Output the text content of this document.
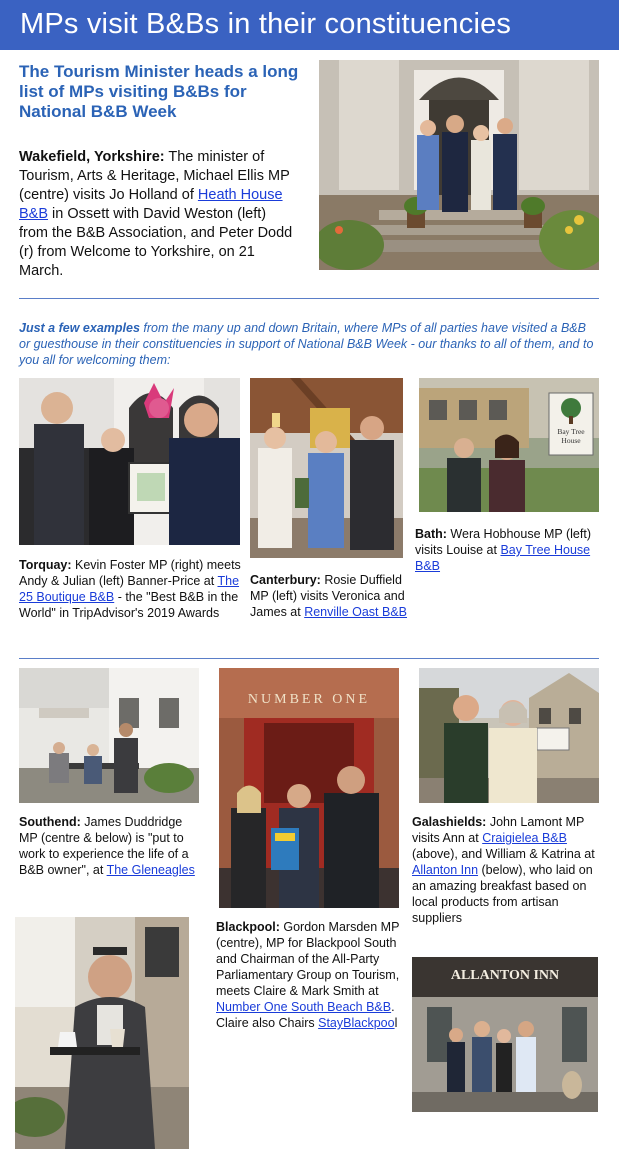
MPs visit B&Bs in their constituencies
The Tourism Minister heads a long list of MPs visiting B&Bs for National B&B Week
Wakefield, Yorkshire: The minister of Tourism, Arts & Heritage, Michael Ellis MP (centre) visits Jo Holland of Heath House B&B in Ossett with David Weston (left) from the B&B Association, and Peter Dodd (r) from Welcome to Yorkshire, on 21 March.
Just a few examples from the many up and down Britain, where MPs of all parties have visited a B&B or guesthouse in their constituencies in support of National B&B Week - our thanks to all of them, and to you all for welcoming them:
Bay Tree
House
Torquay: Kevin Foster MP (right) meets Andy & Julian (left) Banner-Price at The 25 Boutique B&B - the "Best B&B in the World" in TripAdvisor's 2019 Awards
Canterbury: Rosie Duffield MP (left) visits Veronica and James at Renville Oast B&B
Bath: Wera Hobhouse MP (left) visits Louise at Bay Tree House B&B
Southend: James Duddridge MP (centre & below) is "put to work to experience the life of a B&B owner", at The Gleneagles
NUMBER ONE
Blackpool: Gordon Marsden MP (centre), MP for Blackpool South and Chairman of the All-Party Parliamentary Group on Tourism, meets Claire & Mark Smith at Number One South Beach B&B. Claire also Chairs StayBlackpool
Galashields: John Lamont MP visits Ann at Craigielea B&B (above), and William & Katrina at Allanton Inn (below), who laid on an amazing breakfast based on local products from artisan suppliers
ALLANTON INN
